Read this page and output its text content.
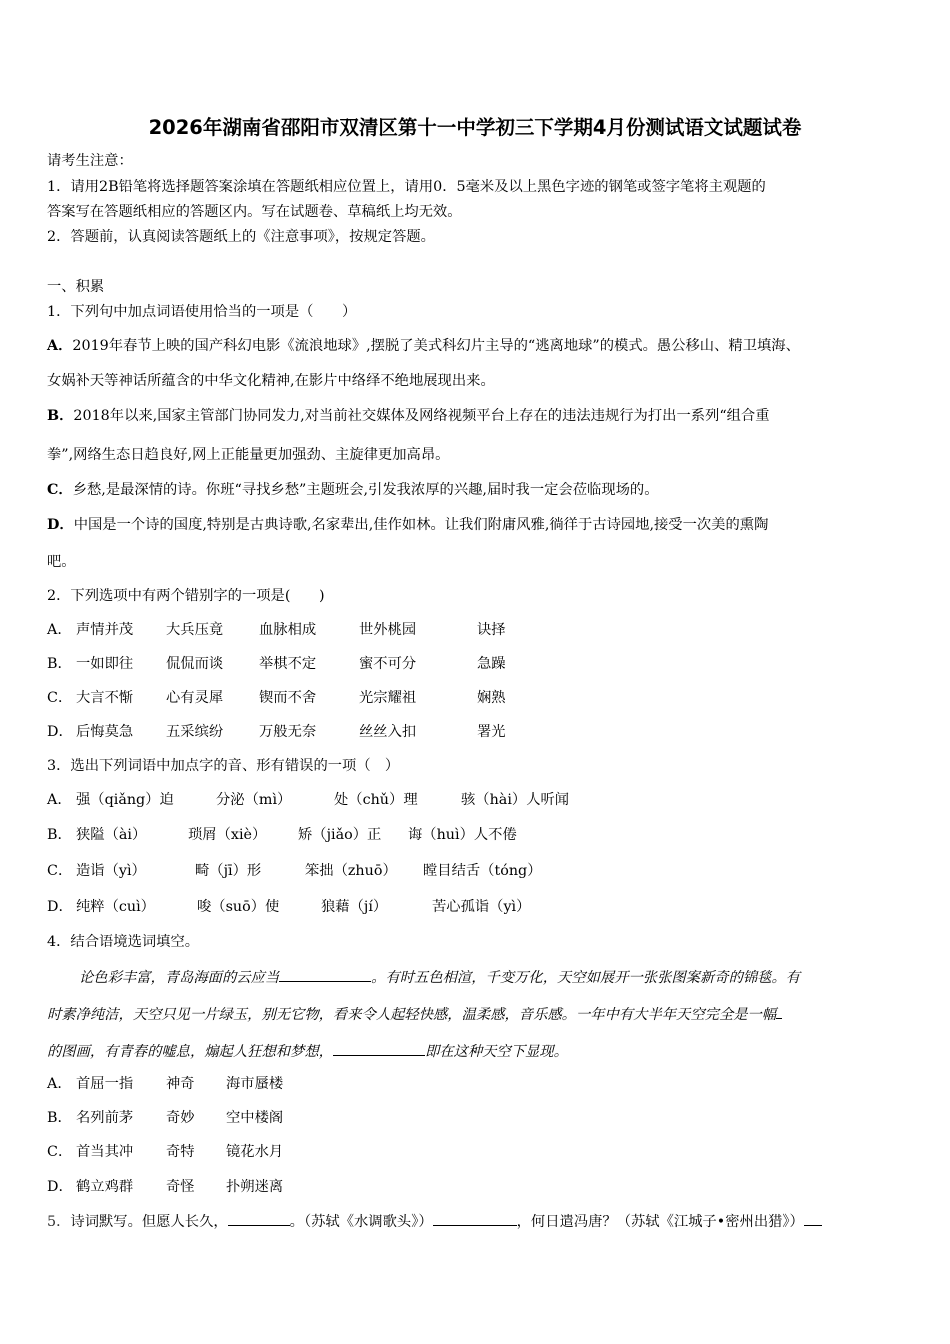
2026年湖南省邵阳市双清区第十一中学初三下学期4月份测试语文试题试卷
请考生注意：
1．请用2B铅笔将选择题答案涂填在答题纸相应位置上，请用0．5毫米及以上黑色字迹的钢笔或签字笔将主观题的
答案写在答题纸相应的答题区内。写在试题卷、草稿纸上均无效。
2．答题前，认真阅读答题纸上的《注意事项》，按规定答题。
一、积累
1．下列句中加点词语使用恰当的一项是（　　）
A．2019年春节上映的国产科幻电影《流浪地球》,摆脱了美式科幻片主导的“逃离地球”的模式。愚公移山、精卫填海、
女娲补天等神话所蕴含的中华文化精神,在影片中络绎不绝地展现出来。
B．2018年以来,国家主管部门协同发力,对当前社交媒体及网络视频平台上存在的违法违规行为打出一系列“组合重
拳”,网络生态日趋良好,网上正能量更加强劲、主旋律更加高昂。
C．乡愁,是最深情的诗。你班“寻找乡愁”主题班会,引发我浓厚的兴趣,届时我一定会莅临现场的。
D．中国是一个诗的国度,特别是古典诗歌,名家辈出,佳作如林。让我们附庸风雅,徜徉于古诗园地,接受一次美的熏陶
吧。
2．下列选项中有两个错别字的一项是(　　)
A． 声情并茂 大兵压竟	血脉相成	世外桃园	诀择
B． 一如即往 侃侃而谈	举棋不定	蜜不可分	急躁
C． 大言不惭 心有灵犀	锲而不舍	光宗耀祖	娴熟
D． 后悔莫急 五采缤纷	万般无奈	丝丝入扣	署光
3．选出下列词语中加点字的音、形有错误的一项（　）
A． 强（qiǎng）迫	分泌（mì）	处（chǔ）理	骇（hài）人听闻
B． 狭隘（ài）	琐屑（xiè） 矫（jiǎo）正 诲（huì）人不倦
C． 造诣（yì）	畸（jī）形	笨拙（zhuō） 瞠目结舌（tóng）
D． 纯粹（cuì）	唆（suō）使	狼藉（jí）	苦心孤诣（yì）
4．结合语境选词填空。
论色彩丰富，青岛海面的云应当	。有时五色相渲，千变万化，天空如展开一张张图案新奇的锦毯。有
时素净纯洁，天空只见一片绿玉，别无它物，看来令人起轻快感，温柔感，音乐感。一年中有大半年天空完全是一幅
的图画，有青春的嘘息，煽起人狂想和梦想，	即在这种天空下显现。
A． 首屈一指 神奇 海市蜃楼
B． 名列前茅 奇妙 空中楼阁
C． 首当其冲 奇特 镜花水月
D． 鹤立鸡群 奇怪 扑朔迷离
5．诗词默写。但愿人长久，	。（苏轼《水调歌头》）	，何日遣冯唐？（苏轼《江城子•密州出猎》）
